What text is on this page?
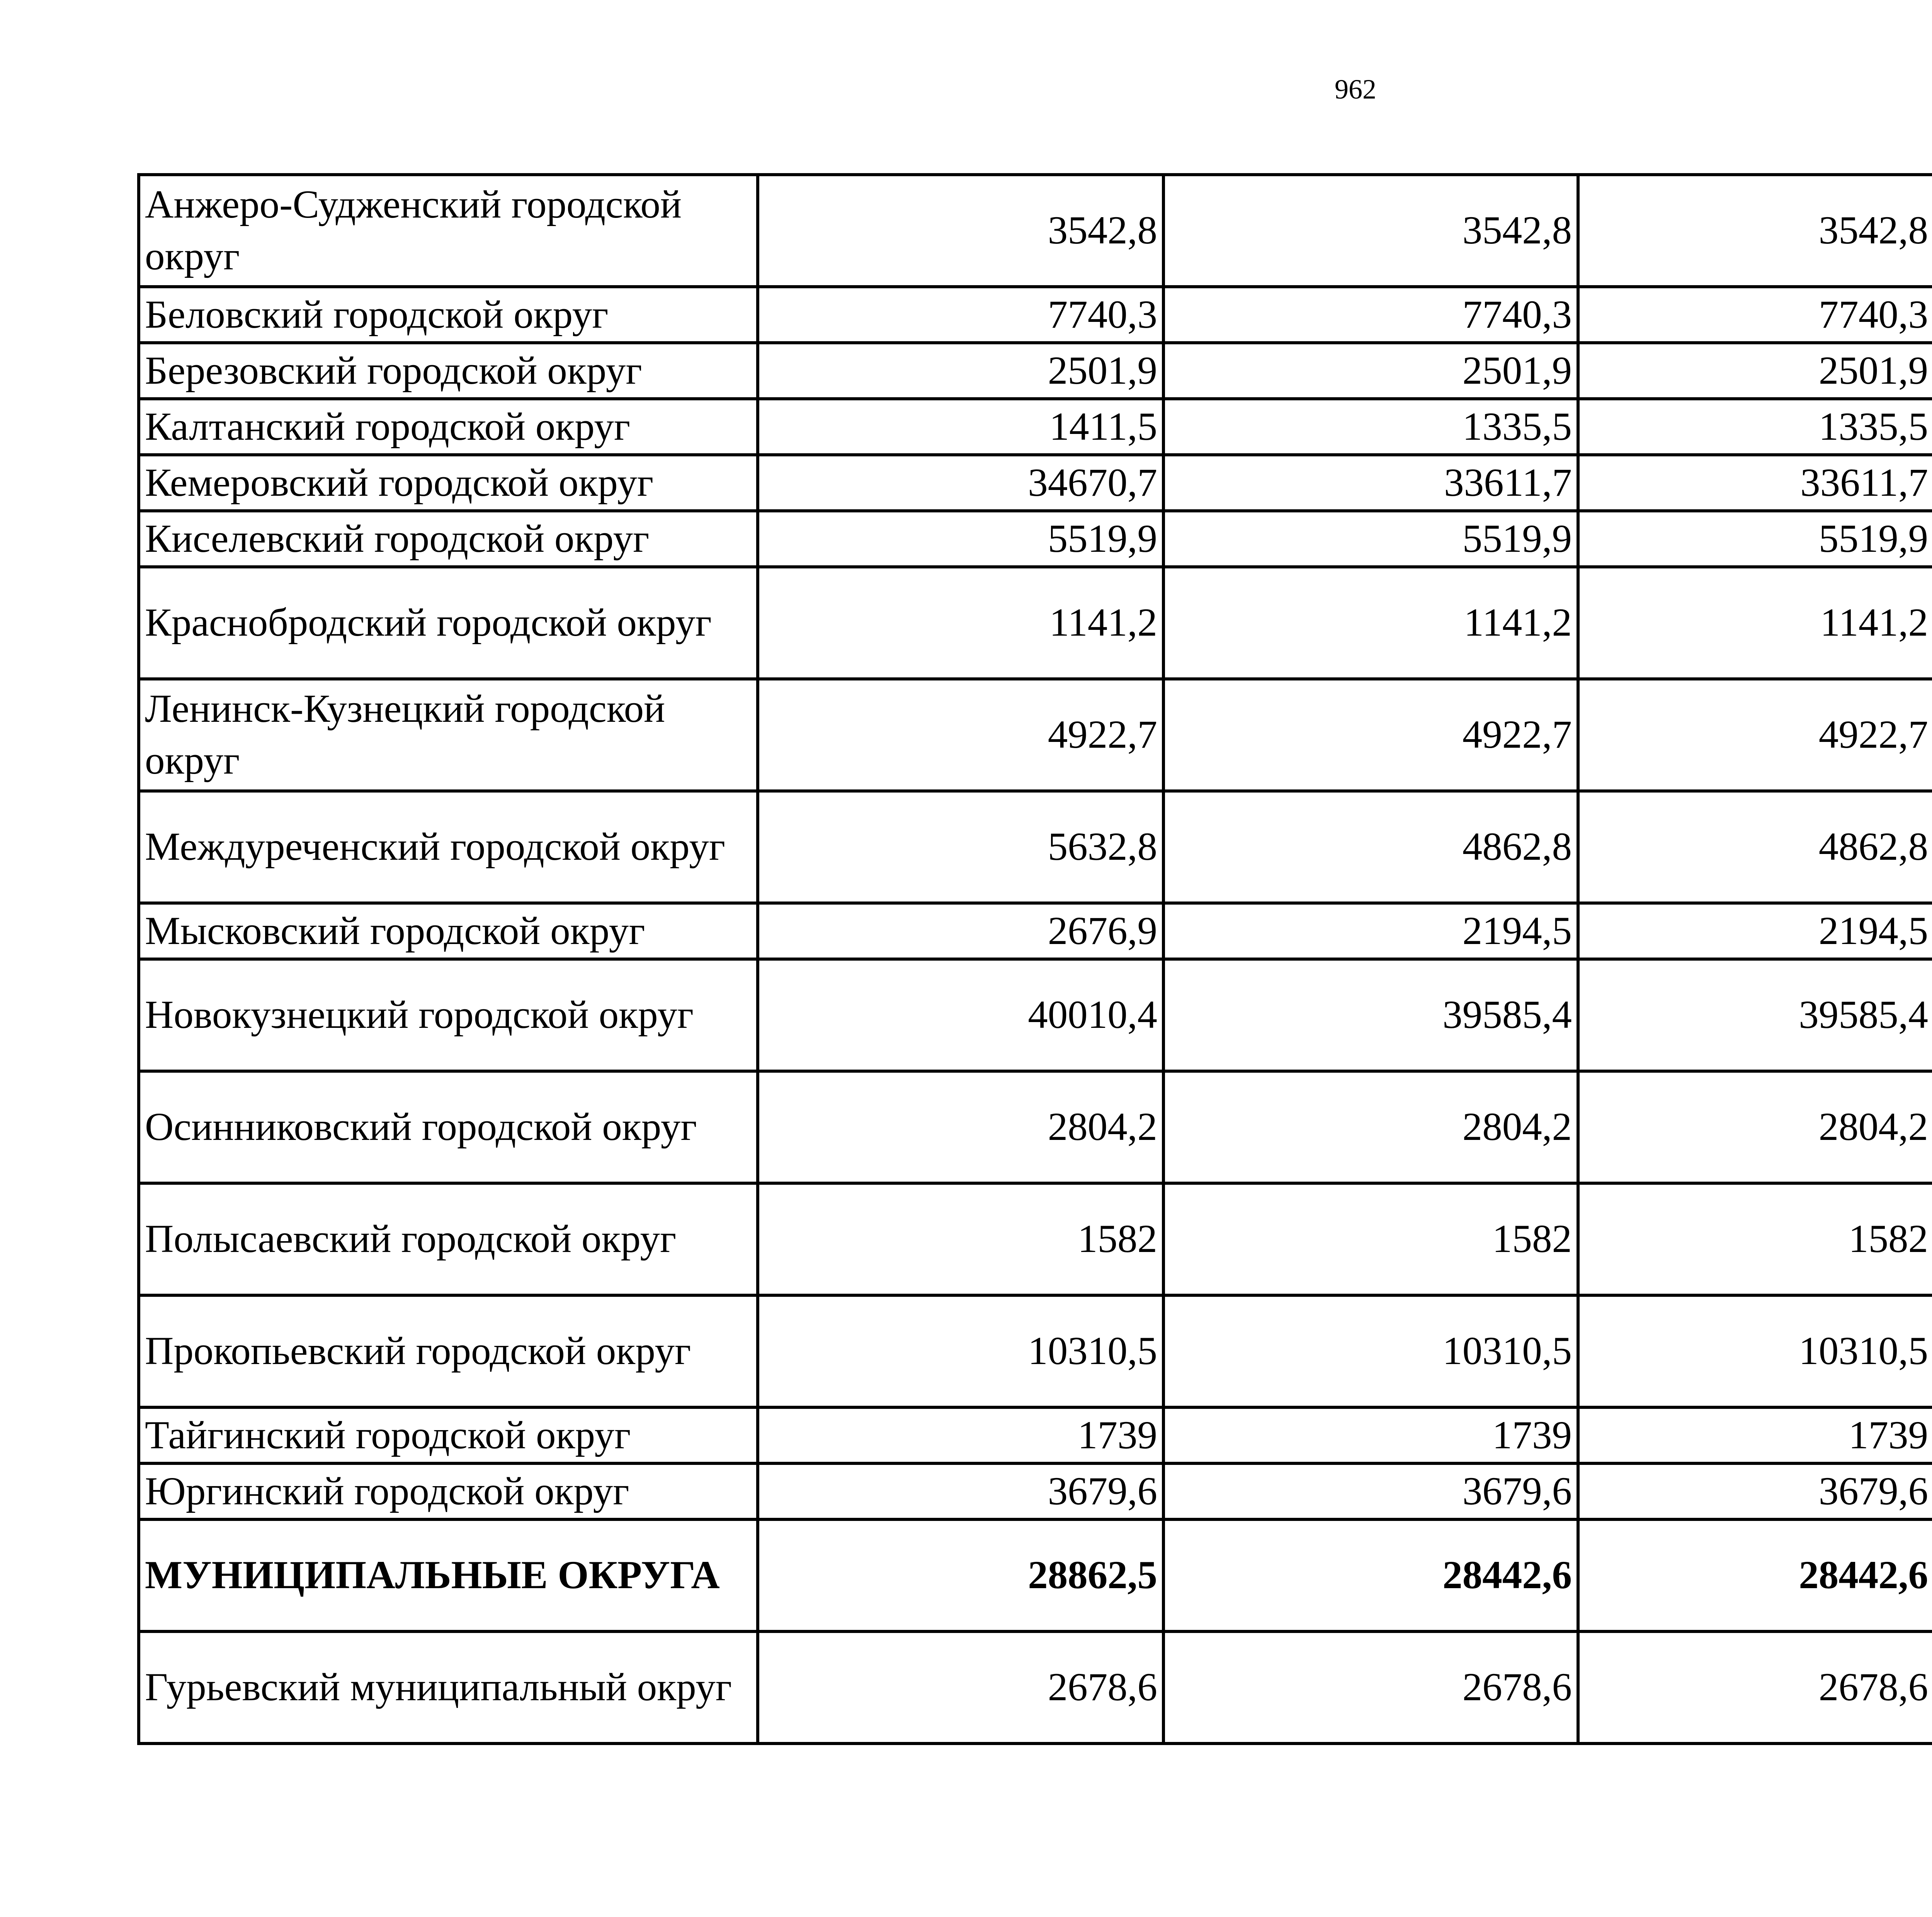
962
Анжеро-Судженский городской округ	3542,8	3542,8	3542,8			
Беловский городской округ	7740,3	7740,3	7740,3			
Березовский городской округ	2501,9	2501,9	2501,9			
Калтанский городской округ	1411,5	1335,5	1335,5			
Кемеровский городской округ	34670,7	33611,7	33611,7			
Киселевский городской округ	5519,9	5519,9	5519,9			
Краснобродский городской округ	1141,2	1141,2	1141,2			
Ленинск-Кузнецкий городской округ	4922,7	4922,7	4922,7			
Междуреченский городской округ	5632,8	4862,8	4862,8			
Мысковский городской округ	2676,9	2194,5	2194,5			
Новокузнецкий городской округ	40010,4	39585,4	39585,4			
Осинниковский городской округ	2804,2	2804,2	2804,2			
Полысаевский городской округ	1582	1582	1582			
Прокопьевский городской округ	10310,5	10310,5	10310,5			
Тайгинский городской округ	1739	1739	1739			
Юргинский городской округ	3679,6	3679,6	3679,6			
МУНИЦИПАЛЬНЫЕ ОКРУГА	28862,5	28442,6	28442,6			
Гурьевский муниципальный округ	2678,6	2678,6	2678,6			
